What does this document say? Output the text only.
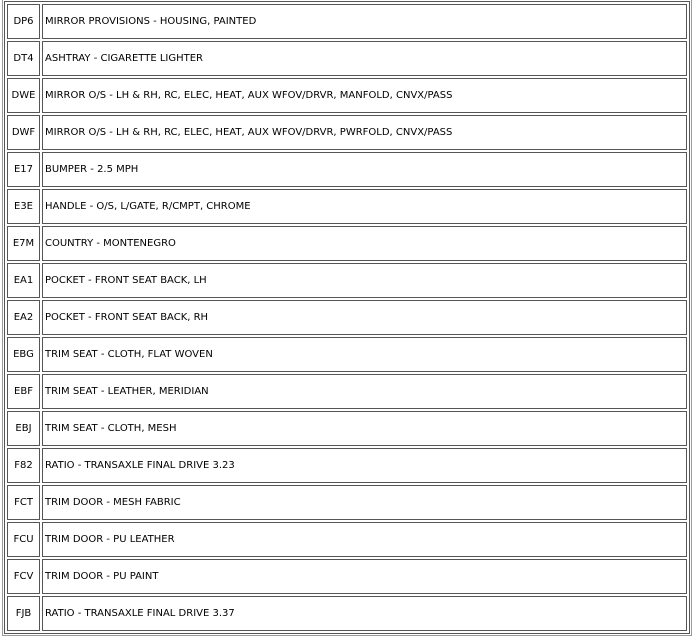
DP6	MIRROR PROVISIONS - HOUSING, PAINTED
DT4	ASHTRAY - CIGARETTE LIGHTER
DWE	MIRROR O/S - LH & RH, RC, ELEC, HEAT, AUX WFOV/DRVR, MANFOLD, CNVX/PASS
DWF	MIRROR O/S - LH & RH, RC, ELEC, HEAT, AUX WFOV/DRVR, PWRFOLD, CNVX/PASS
E17	BUMPER - 2.5 MPH
E3E	HANDLE - O/S, L/GATE, R/CMPT, CHROME
E7M	COUNTRY - MONTENEGRO
EA1	POCKET - FRONT SEAT BACK, LH
EA2	POCKET - FRONT SEAT BACK, RH
EBG	TRIM SEAT - CLOTH, FLAT WOVEN
EBF	TRIM SEAT - LEATHER, MERIDIAN
EBJ	TRIM SEAT - CLOTH, MESH
F82	RATIO - TRANSAXLE FINAL DRIVE 3.23
FCT	TRIM DOOR - MESH FABRIC
FCU	TRIM DOOR - PU LEATHER
FCV	TRIM DOOR - PU PAINT
FJB	RATIO - TRANSAXLE FINAL DRIVE 3.37
